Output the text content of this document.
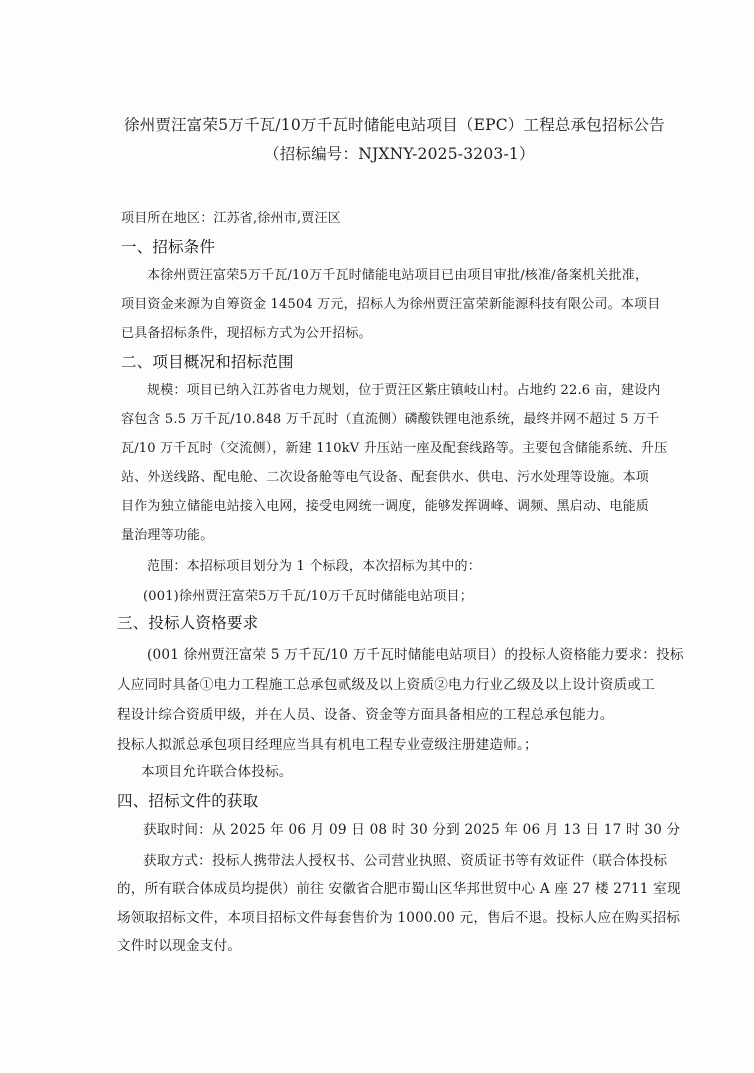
徐州贾汪富荣5万千瓦/10万千瓦时储能电站项目（EPC）工程总承包招标公告
（招标编号：NJXNY-2025-3203-1）
项目所在地区：江苏省,徐州市,贾汪区
一、招标条件
本徐州贾汪富荣5万千瓦/10万千瓦时储能电站项目已由项目审批/核准/备案机关批准，
项目资金来源为自筹资金 14504 万元，招标人为徐州贾汪富荣新能源科技有限公司。本项目
已具备招标条件，现招标方式为公开招标。
二、项目概况和招标范围
规模：项目已纳入江苏省电力规划，位于贾汪区紫庄镇岐山村。占地约 22.6 亩，建设内
容包含 5.5 万千瓦/10.848 万千瓦时（直流侧）磷酸铁锂电池系统，最终并网不超过 5 万千
瓦/10 万千瓦时（交流侧），新建 110kV 升压站一座及配套线路等。主要包含储能系统、升压
站、外送线路、配电舱、二次设备舱等电气设备、配套供水、供电、污水处理等设施。本项
目作为独立储能电站接入电网，接受电网统一调度，能够发挥调峰、调频、黑启动、电能质
量治理等功能。
范围：本招标项目划分为 1 个标段，本次招标为其中的：
(001)徐州贾汪富荣5万千瓦/10万千瓦时储能电站项目；
三、投标人资格要求
(001 徐州贾汪富荣 5 万千瓦/10 万千瓦时储能电站项目）的投标人资格能力要求：投标
人应同时具备①电力工程施工总承包贰级及以上资质②电力行业乙级及以上设计资质或工
程设计综合资质甲级，并在人员、设备、资金等方面具备相应的工程总承包能力。
投标人拟派总承包项目经理应当具有机电工程专业壹级注册建造师。；
本项目允许联合体投标。
四、招标文件的获取
获取时间：从 2025 年 06 月 09 日 08 时 30 分到 2025 年 06 月 13 日 17 时 30 分
获取方式：投标人携带法人授权书、公司营业执照、资质证书等有效证件（联合体投标
的，所有联合体成员均提供）前往 安徽省合肥市蜀山区华邦世贸中心 A 座 27 楼 2711 室现
场领取招标文件，本项目招标文件每套售价为 1000.00 元，售后不退。投标人应在购买招标
文件时以现金支付。
